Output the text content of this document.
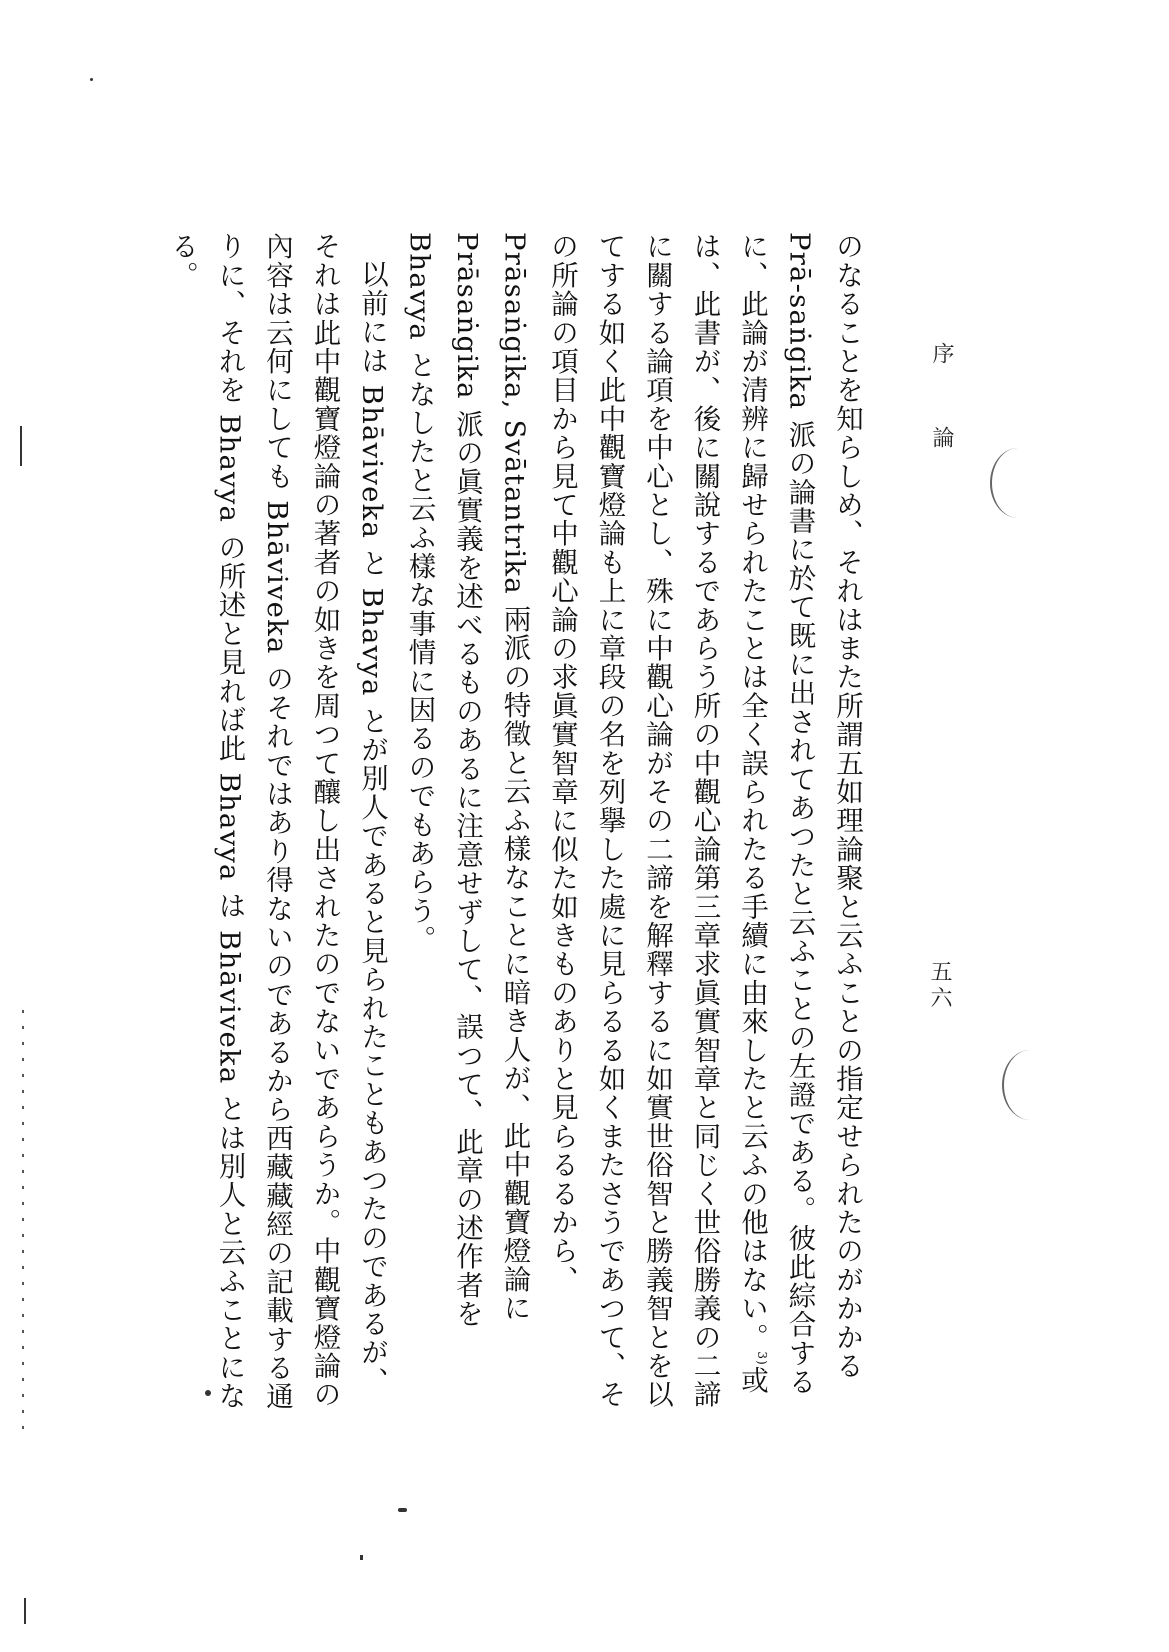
序論
五六

のなることを知らしめ、それはまた所謂五如理論聚と云ふことの指定せられたのがかかる Prā-saṅgika 派の論書に於て既に出されてあつたと云ふことの左證である。彼此綜合するに、此論が清辨に歸せられたことは全く誤られたる手續に由來したと云ふの他はない。$^{3)}$或は、此書が、後に關說するであらう所の中觀心論第三章求眞實智章と同じく世俗勝義の二諦に關する論項を中心とし、殊に中觀心論がその二諦を解釋するに如實世俗智と勝義智とを以てする如く此中觀寶燈論も上に章段の名を列擧した處に見らるる如くまたさうであつて、その所論の項目から見て中觀心論の求眞實智章に似た如きものありと見らるるから、Prāsaṅgika, Svātantrika 兩派の特徵と云ふ樣なことに暗き人が、此中觀寶燈論に Prāsaṅgika 派の眞實義を述べるものあるに注意せずして、誤つて、此章の述作者を Bhavya となしたと云ふ樣な事情に因るのでもあらう。

以前には Bhāviveka と Bhavya とが別人であると見られたこともあつたのであるが、それは此中觀寶燈論の著者の如きを周つて釀し出されたのでないであらうか。中觀寶燈論の內容は云何にしても Bhāviveka のそれではあり得ないのであるから西藏藏經の記載する通りに、それを Bhavya の所述と見れば此 Bhavya は Bhāviveka とは別人と云ふことになる。
